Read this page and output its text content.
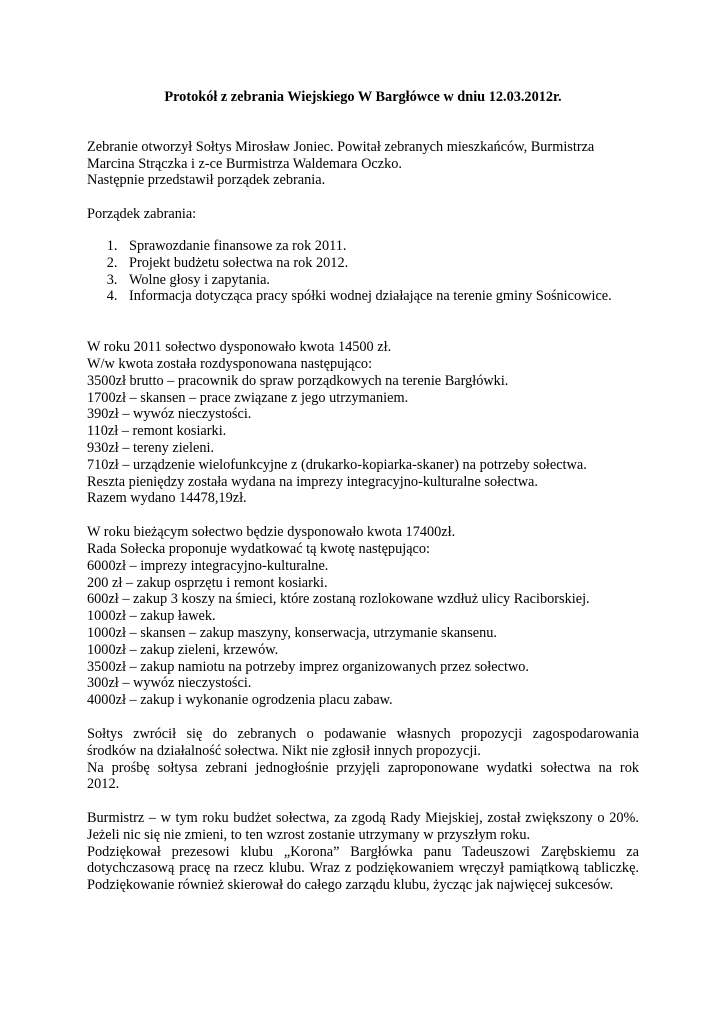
Protokół z zebrania Wiejskiego W Bargłówce w dniu 12.03.2012r.

Zebranie otworzył Sołtys Mirosław Joniec. Powitał zebranych mieszkańców, Burmistrza

Marcina Strączka i z-ce Burmistrza Waldemara Oczko.

Następnie przedstawił porządek zebrania.

Porządek zabrania:

1. Sprawozdanie finansowe za rok 2011.
2. Projekt budżetu sołectwa na rok 2012.
3. Wolne głosy i zapytania.
4. Informacja dotycząca pracy spółki wodnej działające na terenie gminy Sośnicowice.

W roku 2011 sołectwo dysponowało kwota 14500 zł.

W/w kwota została rozdysponowana następująco:

3500zł brutto – pracownik do spraw porządkowych na terenie Bargłówki.

1700zł – skansen – prace związane z jego utrzymaniem.

390zł – wywóz nieczystości.

110zł – remont kosiarki.

930zł – tereny zieleni.

710zł – urządzenie wielofunkcyjne z (drukarko-kopiarka-skaner) na potrzeby sołectwa.

Reszta pieniędzy została wydana na imprezy integracyjno-kulturalne sołectwa.

Razem wydano 14478,19zł.

W roku bieżącym sołectwo będzie dysponowało kwota 17400zł.

Rada Sołecka proponuje wydatkować tą kwotę następująco:

6000zł – imprezy integracyjno-kulturalne.

200 zł – zakup osprzętu i remont kosiarki.

600zł – zakup 3 koszy na śmieci, które zostaną rozlokowane wzdłuż ulicy Raciborskiej.

1000zł – zakup ławek.

1000zł – skansen – zakup maszyny, konserwacja, utrzymanie skansenu.

1000zł – zakup zieleni, krzewów.

3500zł – zakup namiotu na potrzeby imprez organizowanych przez sołectwo.

300zł – wywóz nieczystości.

4000zł – zakup i wykonanie ogrodzenia placu zabaw.

Sołtys zwrócił się do zebranych o podawanie własnych propozycji zagospodarowania

środków na działalność sołectwa. Nikt nie zgłosił innych propozycji.

Na prośbę sołtysa zebrani jednogłośnie przyjęli zaproponowane wydatki sołectwa na rok

2012.

Burmistrz – w tym roku budżet sołectwa, za zgodą Rady Miejskiej, został zwiększony o 20%.

Jeżeli nic się nie zmieni, to ten wzrost zostanie utrzymany w przyszłym roku.

Podziękował prezesowi klubu „Korona” Bargłówka panu Tadeuszowi Zarębskiemu za

dotychczasową pracę na rzecz klubu. Wraz z podziękowaniem wręczył pamiątkową tabliczkę.

Podziękowanie również skierował do całego zarządu klubu, życząc jak najwięcej sukcesów.
